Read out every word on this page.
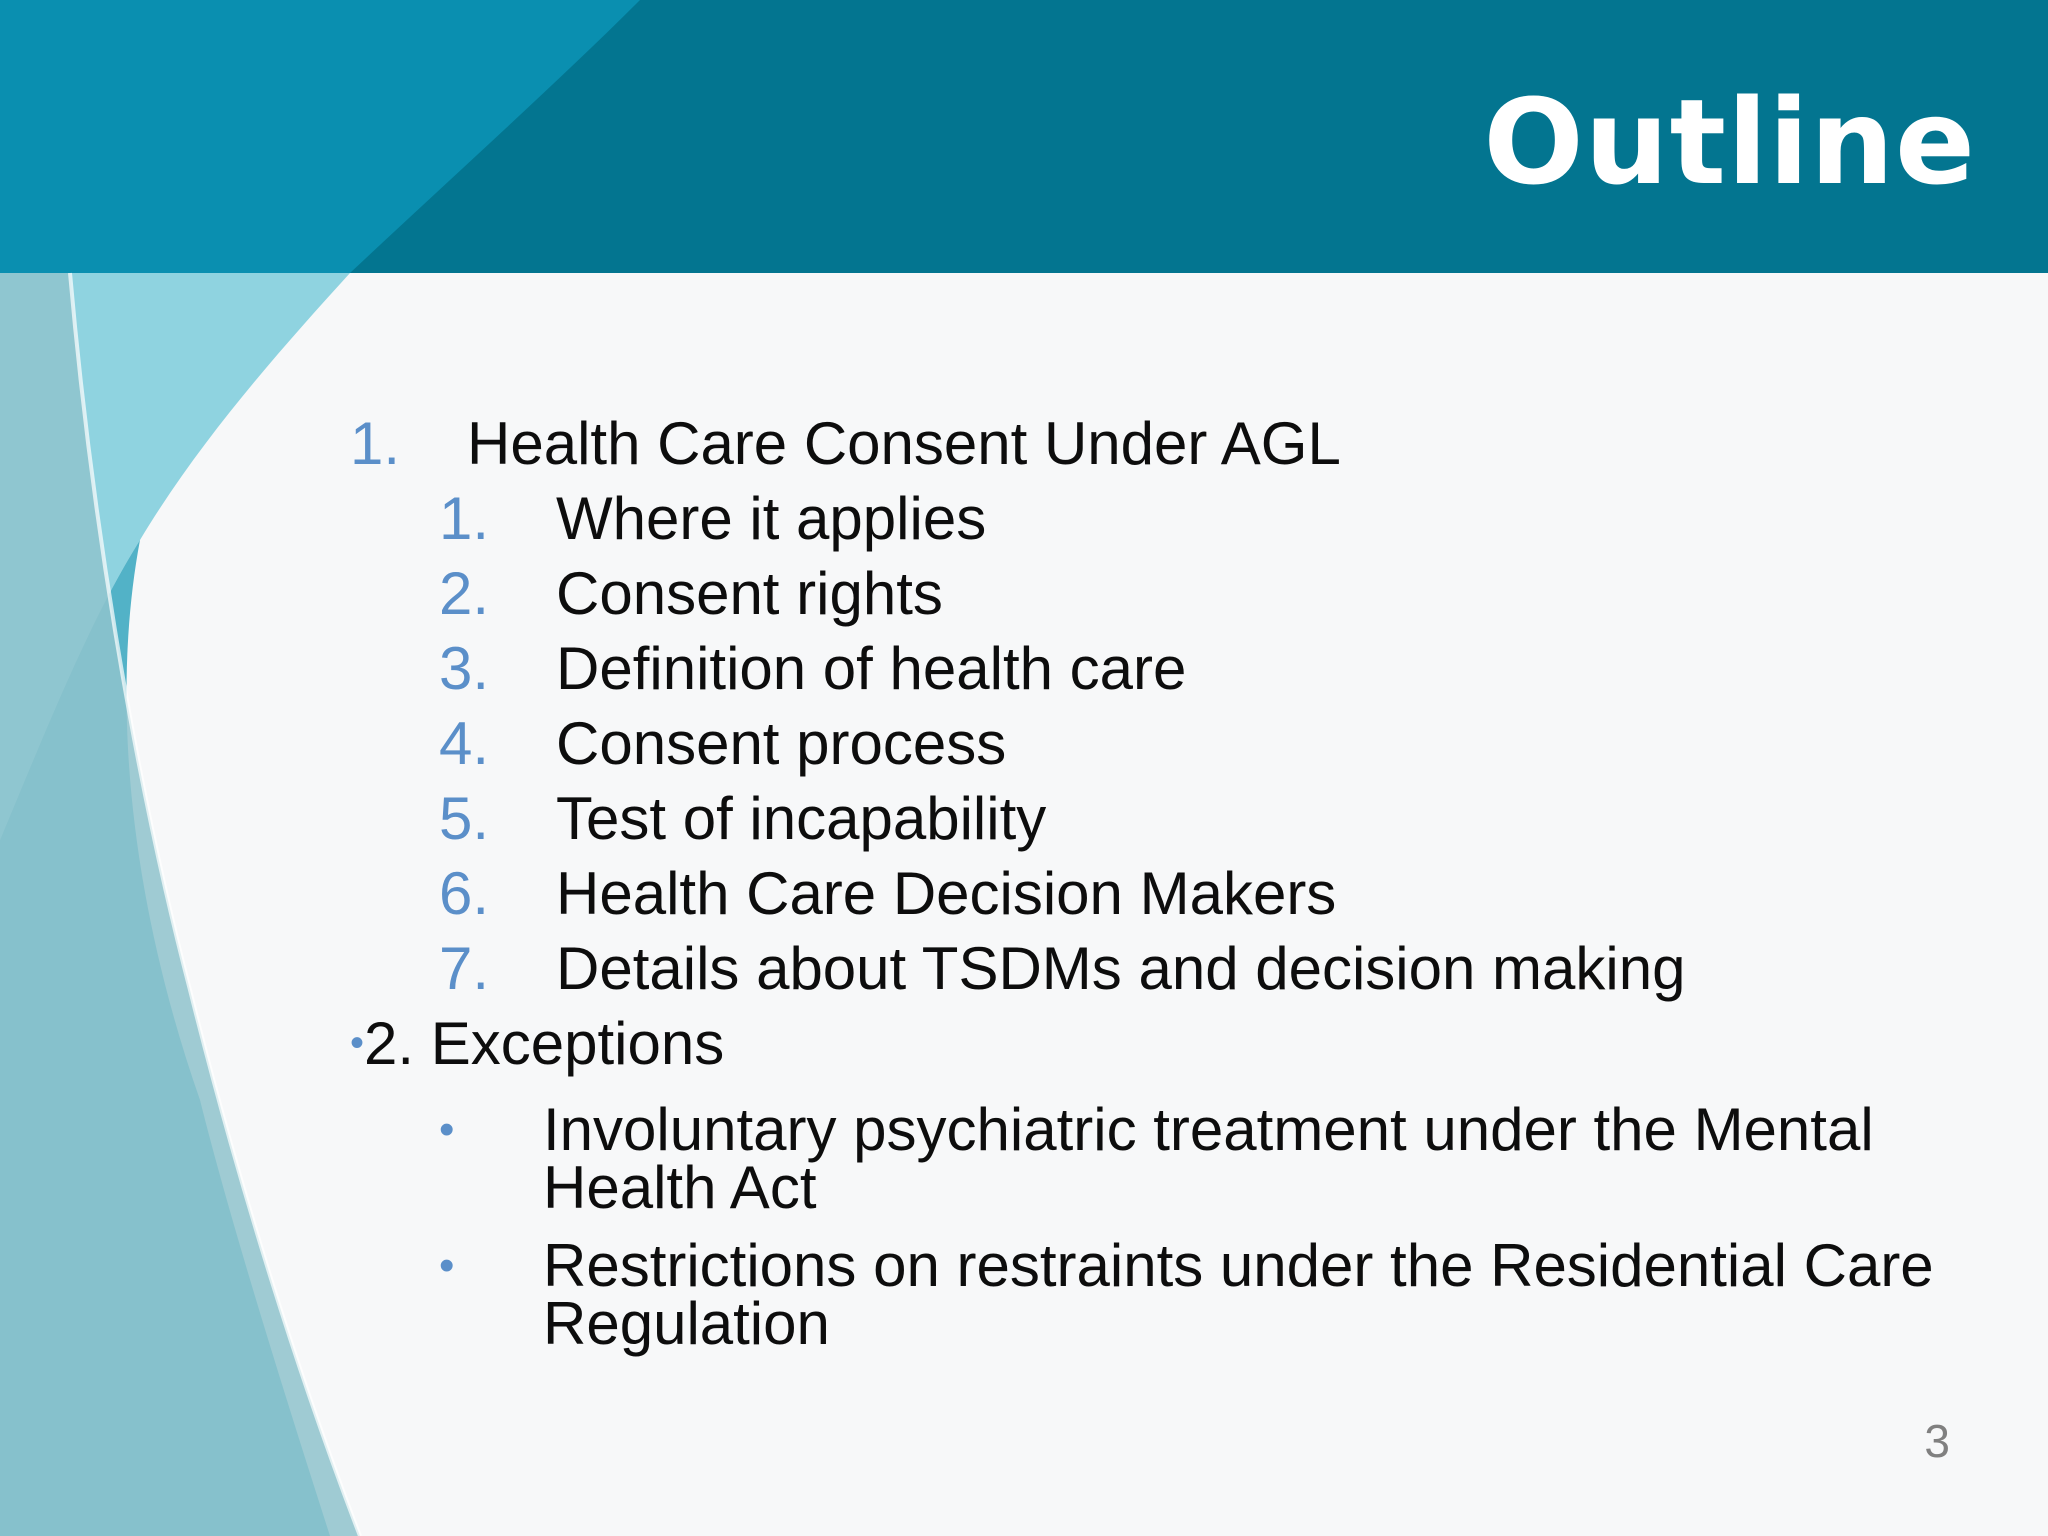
Outline
1. Health Care Consent Under AGL
1. Where it applies
2. Consent rights
3. Definition of health care
4. Consent process
5. Test of incapability
6. Health Care Decision Makers
7. Details about TSDMs and decision making
•2. Exceptions
• Involuntary psychiatric treatment under the Mental Health Act
• Restrictions on restraints under the Residential Care Regulation
3
